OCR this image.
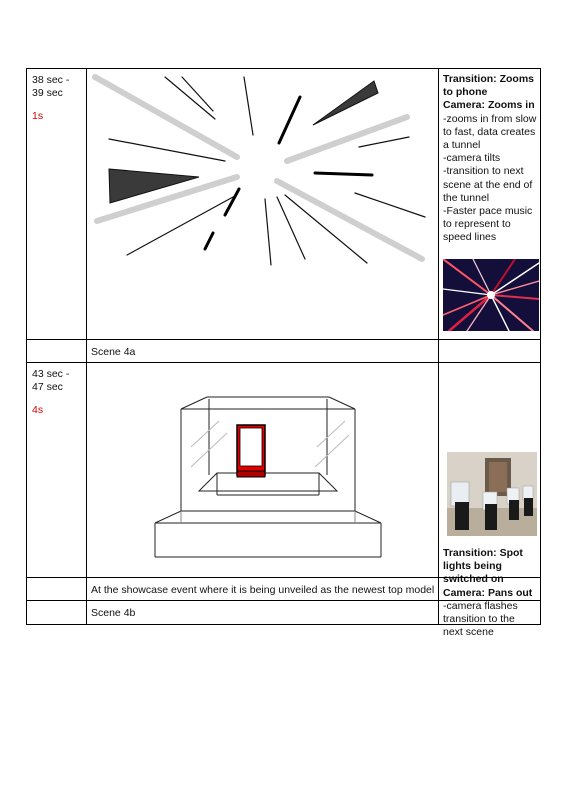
38 sec - 39 sec
1s
Transition: Zooms to phone
Camera: Zooms in
-zooms in from slow to fast, data creates a tunnel
-camera tilts
-transition to next scene at the end of the tunnel
-Faster pace music to represent to speed lines
Scene 4a
43 sec - 47 sec
4s
Transition: Spot lights being switched on
Camera: Pans out
-camera flashes transition to the next scene
At the showcase event where it is being unveiled as the newest top model
Scene 4b
